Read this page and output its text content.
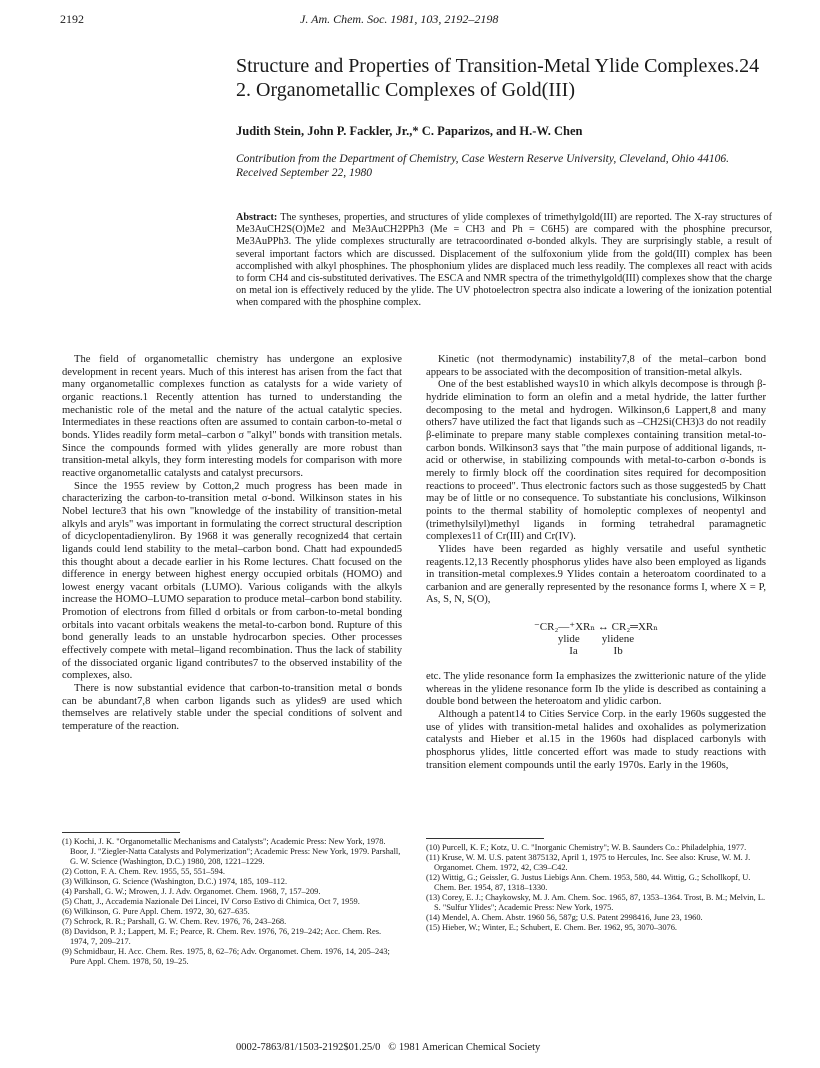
2192	J. Am. Chem. Soc. 1981, 103, 2192–2198
Structure and Properties of Transition-Metal Ylide Complexes.24 2. Organometallic Complexes of Gold(III)
Judith Stein, John P. Fackler, Jr.,* C. Paparizos, and H.-W. Chen
Contribution from the Department of Chemistry, Case Western Reserve University, Cleveland, Ohio 44106. Received September 22, 1980
Abstract: The syntheses, properties, and structures of ylide complexes of trimethylgold(III) are reported. The X-ray structures of Me3AuCH2S(O)Me2 and Me3AuCH2PPh3 (Me = CH3 and Ph = C6H5) are compared with the phosphine precursor, Me3AuPPh3. The ylide complexes structurally are tetracoordinated σ-bonded alkyls. They are surprisingly stable, a result of several important factors which are discussed. Displacement of the sulfoxonium ylide from the gold(III) complex has been accomplished with alkyl phosphines. The phosphonium ylides are displaced much less readily. The complexes all react with acids to form CH4 and cis-substituted derivatives. The ESCA and NMR spectra of the trimethylgold(III) complexes show that the charge on metal ion is effectively reduced by the ylide. The UV photoelectron spectra also indicate a lowering of the ionization potential when compared with the phosphine complex.

The field of organometallic chemistry has undergone an explosive development in recent years. Much of this interest has arisen from the fact that many organometallic complexes function as catalysts for a wide variety of organic reactions.1 Recently attention has turned to understanding the mechanistic role of the metal and the nature of the actual catalytic species. Intermediates in these reactions often are assumed to contain carbon-to-metal σ bonds. Ylides readily form metal–carbon σ "alkyl" bonds with transition metals. Since the compounds formed with ylides generally are more robust than transition-metal alkyls, they form interesting models for comparison with more reactive organometallic catalysts and catalyst precursors.

Since the 1955 review by Cotton,2 much progress has been made in characterizing the carbon-to-transition metal σ-bond. Wilkinson states in his Nobel lecture3 that his own "knowledge of the instability of transition-metal alkyls and aryls" was important in formulating the correct structural description of dicyclopentadienyliron. By 1968 it was generally recognized4 that certain ligands could lend stability to the metal–carbon bond. Chatt had expounded5 this thought about a decade earlier in his Rome lectures. Chatt focused on the difference in energy between highest energy occupied orbitals (HOMO) and lowest energy vacant orbitals (LUMO). Various coligands with the alkyls increase the HOMO–LUMO separation to produce metal–carbon bond stability. Promotion of electrons from filled d orbitals or from carbon-to-metal bonding orbitals into vacant orbitals weakens the metal-to-carbon bond. Rupture of this bond generally leads to an unstable hydrocarbon species. Other processes effectively compete with metal–ligand recombination. Thus the lack of stability of the dissociated organic ligand contributes7 to the observed instability of the complexes, also.

There is now substantial evidence that carbon-to-transition metal σ bonds can be abundant7,8 when carbon ligands such as ylides9 are used which themselves are relatively stable under the special conditions of solvent and temperature of the reaction.

Kinetic (not thermodynamic) instability7,8 of the metal–carbon bond appears to be associated with the decomposition of transition-metal alkyls.

One of the best established ways10 in which alkyls decompose is through β-hydride elimination to form an olefin and a metal hydride, the latter further decomposing to the metal and hydrogen. Wilkinson,6 Lappert,8 and many others7 have utilized the fact that ligands such as –CH2Si(CH3)3 do not readily β-eliminate to prepare many stable complexes containing transition metal-to-carbon bonds. Wilkinson3 says that "the main purpose of additional ligands, π-acid or otherwise, in stabilizing compounds with metal-to-carbon σ-bonds is merely to firmly block off the coordination sites required for decomposition reactions to proceed". Thus electronic factors such as those suggested5 by Chatt may be of little or no consequence. To substantiate his conclusions, Wilkinson points to the thermal stability of homoleptic complexes of neopentyl and (trimethylsilyl)methyl ligands in forming tetrahedral paramagnetic complexes11 of Cr(III) and Cr(IV).

Ylides have been regarded as highly versatile and useful synthetic reagents.12,13 Recently phosphorus ylides have also been employed as ligands in transition-metal complexes.9 Ylides contain a heteroatom coordinated to a carbanion and are generally represented by the resonance forms I, where X = P, As, S, N, S(O),

⁻CR₂—⁺XRₙ ↔ CR₂═XRₙ
ylide        ylidene
Ia             Ib

etc. The ylide resonance form Ia emphasizes the zwitterionic nature of the ylide whereas in the ylidene resonance form Ib the ylide is described as containing a double bond between the heteroatom and ylidic carbon.

Although a patent14 to Cities Service Corp. in the early 1960s suggested the use of ylides with transition-metal halides and oxohalides as polymerization catalysts and Hieber et al.15 in the 1960s had displaced carbonyls with phosphorus ylides, little concerted effort was made to study reactions with transition element compounds until the early 1970s. Early in the 1960s,

(1) Kochi, J. K. "Organometallic Mechanisms and Catalysts"; Academic Press: New York, 1978. Boor, J. "Ziegler-Natta Catalysts and Polymerization"; Academic Press: New York, 1979. Parshall, G. W. Science (Washington, D.C.) 1980, 208, 1221–1229.
(2) Cotton, F. A. Chem. Rev. 1955, 55, 551–594.
(3) Wilkinson, G. Science (Washington, D.C.) 1974, 185, 109–112.
(4) Parshall, G. W.; Mrowen, J. J. Adv. Organomet. Chem. 1968, 7, 157–209.
(5) Chatt, J., Accademia Nazionale Dei Lincei, IV Corso Estivo di Chimica, Oct 7, 1959.
(6) Wilkinson, G. Pure Appl. Chem. 1972, 30, 627–635.
(7) Schrock, R. R.; Parshall, G. W. Chem. Rev. 1976, 76, 243–268.
(8) Davidson, P. J.; Lappert, M. F.; Pearce, R. Chem. Rev. 1976, 76, 219–242; Acc. Chem. Res. 1974, 7, 209–217.
(9) Schmidbaur, H. Acc. Chem. Res. 1975, 8, 62–76; Adv. Organomet. Chem. 1976, 14, 205–243; Pure Appl. Chem. 1978, 50, 19–25.
(10) Purcell, K. F.; Kotz, U. C. "Inorganic Chemistry"; W. B. Saunders Co.: Philadelphia, 1977.
(11) Kruse, W. M. U.S. patent 3875132, April 1, 1975 to Hercules, Inc. See also: Kruse, W. M. J. Organomet. Chem. 1972, 42, C39–C42.
(12) Wittig, G.; Geissler, G. Justus Liebigs Ann. Chem. 1953, 580, 44. Wittig, G.; Schollkopf, U. Chem. Ber. 1954, 87, 1318–1330.
(13) Corey, E. J.; Chaykowsky, M. J. Am. Chem. Soc. 1965, 87, 1353–1364. Trost, B. M.; Melvin, L. S. "Sulfur Ylides"; Academic Press: New York, 1975.
(14) Mendel, A. Chem. Abstr. 1960 56, 587g; U.S. Patent 2998416, June 23, 1960.
(15) Hieber, W.; Winter, E.; Schubert, E. Chem. Ber. 1962, 95, 3070–3076.
0002-7863/81/1503-2192$01.25/0   © 1981 American Chemical Society
